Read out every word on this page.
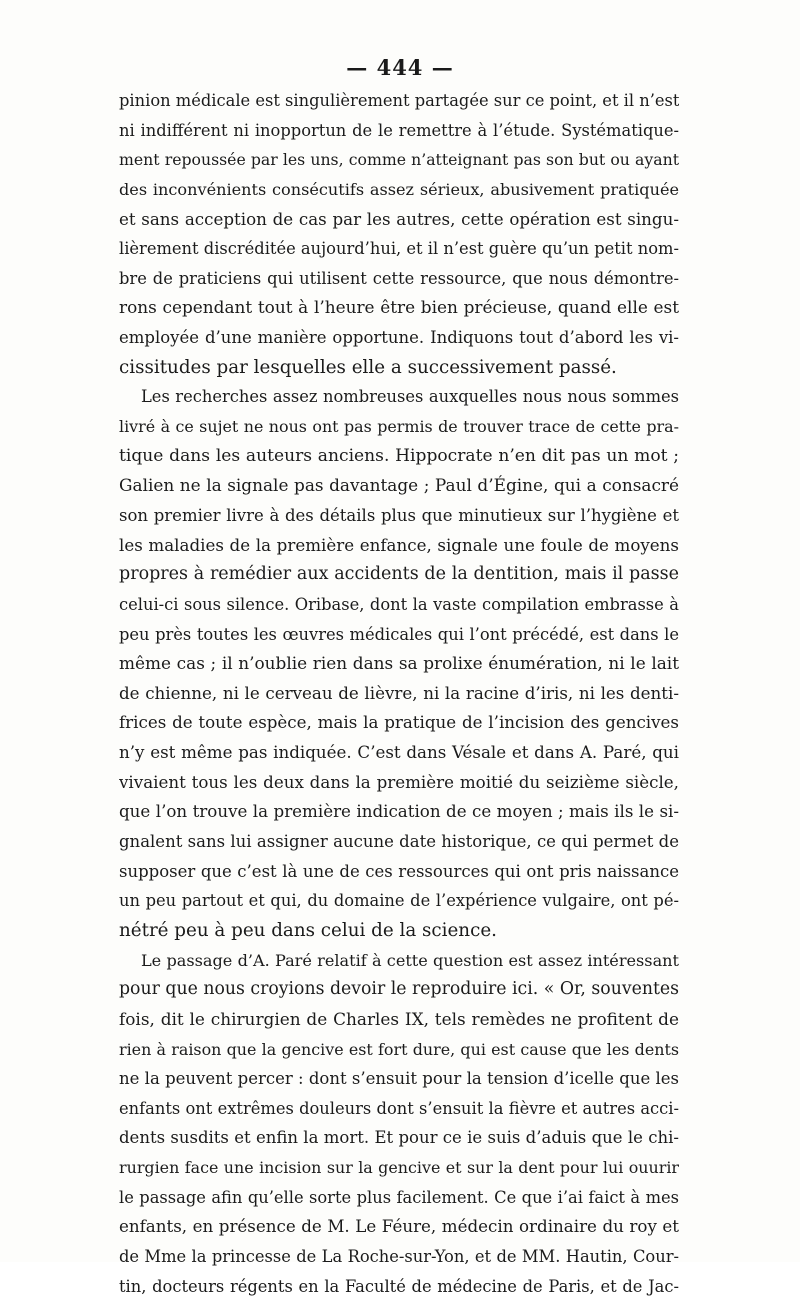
— 444 —
pinion médicale est singulièrement partagée sur ce point, et il n’est
ni indifférent ni inopportun de le remettre à l’étude. Systématique-
ment repoussée par les uns, comme n’atteignant pas son but ou ayant
des inconvénients consécutifs assez sérieux, abusivement pratiquée
et sans acception de cas par les autres, cette opération est singu-
lièrement discréditée aujourd’hui, et il n’est guère qu’un petit nom-
bre de praticiens qui utilisent cette ressource, que nous démontre-
rons cependant tout à l’heure être bien précieuse, quand elle est
employée d’une manière opportune. Indiquons tout d’abord les vi-
cissitudes par lesquelles elle a successivement passé.
Les recherches assez nombreuses auxquelles nous nous sommes
livré à ce sujet ne nous ont pas permis de trouver trace de cette pra-
tique dans les auteurs anciens. Hippocrate n’en dit pas un mot ;
Galien ne la signale pas davantage ; Paul d’Égine, qui a consacré
son premier livre à des détails plus que minutieux sur l’hygiène et
les maladies de la première enfance, signale une foule de moyens
propres à remédier aux accidents de la dentition, mais il passe
celui-ci sous silence. Oribase, dont la vaste compilation embrasse à
peu près toutes les œuvres médicales qui l’ont précédé, est dans le
même cas ; il n’oublie rien dans sa prolixe énumération, ni le lait
de chienne, ni le cerveau de lièvre, ni la racine d’iris, ni les denti-
frices de toute espèce, mais la pratique de l’incision des gencives
n’y est même pas indiquée. C’est dans Vésale et dans A. Paré, qui
vivaient tous les deux dans la première moitié du seizième siècle,
que l’on trouve la première indication de ce moyen ; mais ils le si-
gnalent sans lui assigner aucune date historique, ce qui permet de
supposer que c’est là une de ces ressources qui ont pris naissance
un peu partout et qui, du domaine de l’expérience vulgaire, ont pé-
nétré peu à peu dans celui de la science.
Le passage d’A. Paré relatif à cette question est assez intéressant
pour que nous croyions devoir le reproduire ici. « Or, souventes
fois, dit le chirurgien de Charles IX, tels remèdes ne profitent de
rien à raison que la gencive est fort dure, qui est cause que les dents
ne la peuvent percer : dont s’ensuit pour la tension d’icelle que les
enfants ont extrêmes douleurs dont s’ensuit la fièvre et autres acci-
dents susdits et enfin la mort. Et pour ce ie suis d’aduis que le chi-
rurgien face une incision sur la gencive et sur la dent pour lui ouurir
le passage afin qu’elle sorte plus facilement. Ce que i’ai faict à mes
enfants, en présence de M. Le Féure, médecin ordinaire du roy et
de Mme la princesse de La Roche-sur-Yon, et de MM. Hautin, Cour-
tin, docteurs régents en la Faculté de médecine de Paris, et de Jac-
